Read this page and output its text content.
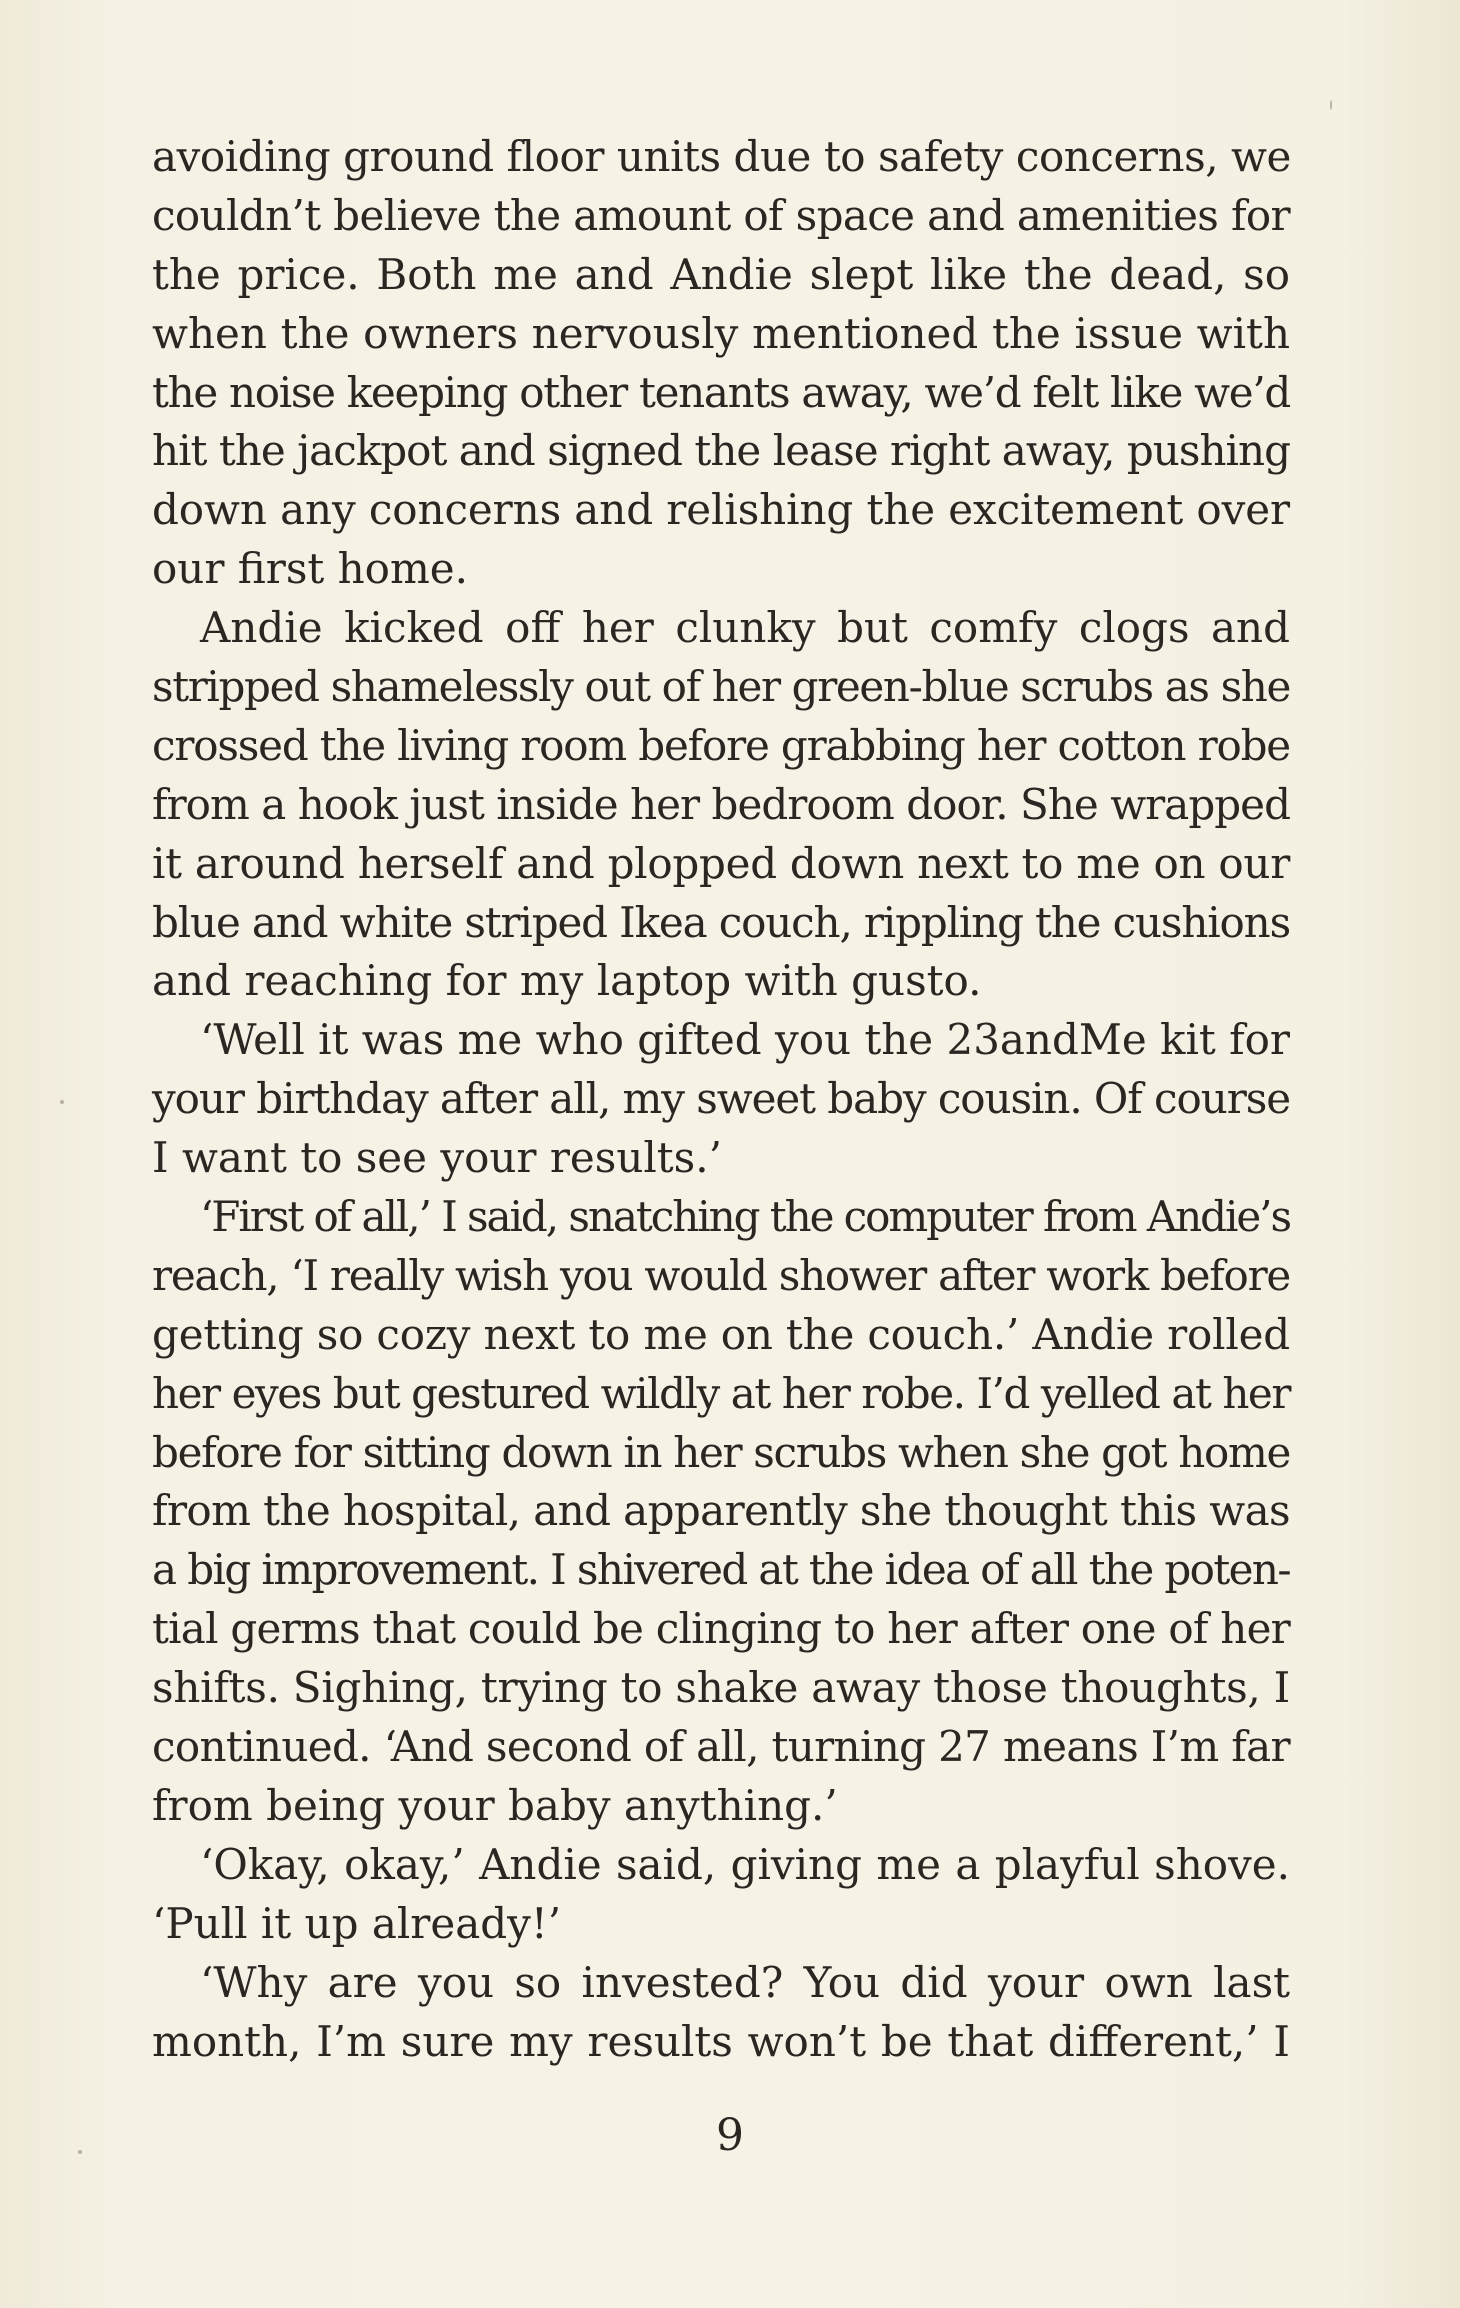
avoiding ground floor units due to safety concerns, we
couldn’t believe the amount of space and amenities for
the price. Both me and Andie slept like the dead, so
when the owners nervously mentioned the issue with
the noise keeping other tenants away, we’d felt like we’d
hit the jackpot and signed the lease right away, pushing
down any concerns and relishing the excitement over
our first home.
Andie kicked off her clunky but comfy clogs and
stripped shamelessly out of her green-blue scrubs as she
crossed the living room before grabbing her cotton robe
from a hook just inside her bedroom door. She wrapped
it around herself and plopped down next to me on our
blue and white striped Ikea couch, rippling the cushions
and reaching for my laptop with gusto.
‘Well it was me who gifted you the 23andMe kit for
your birthday after all, my sweet baby cousin. Of course
I want to see your results.’
‘First of all,’ I said, snatching the computer from Andie’s
reach, ‘I really wish you would shower after work before
getting so cozy next to me on the couch.’ Andie rolled
her eyes but gestured wildly at her robe. I’d yelled at her
before for sitting down in her scrubs when she got home
from the hospital, and apparently she thought this was
a big improvement. I shivered at the idea of all the poten-
tial germs that could be clinging to her after one of her
shifts. Sighing, trying to shake away those thoughts, I
continued. ‘And second of all, turning 27 means I’m far
from being your baby anything.’
‘Okay, okay,’ Andie said, giving me a playful shove.
‘Pull it up already!’
‘Why are you so invested? You did your own last
month, I’m sure my results won’t be that different,’ I
9
